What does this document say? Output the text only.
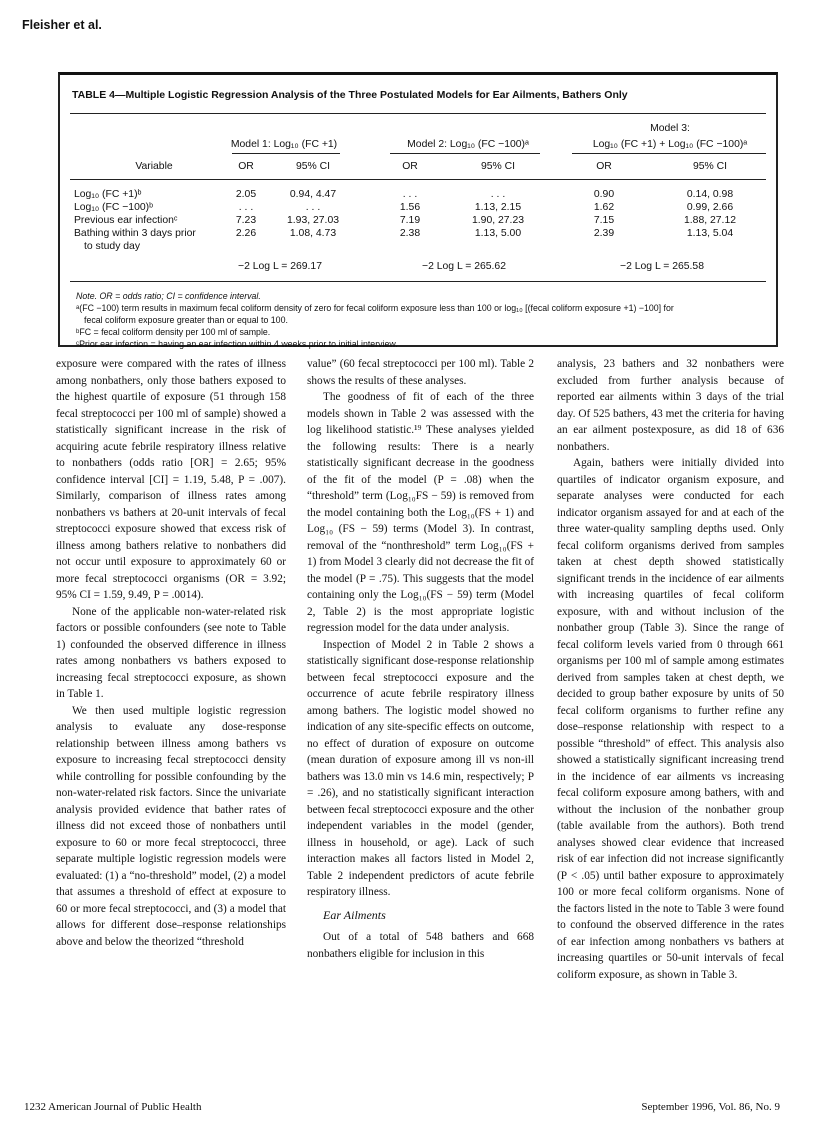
Fleisher et al.
TABLE 4—Multiple Logistic Regression Analysis of the Three Postulated Models for Ear Ailments, Bathers Only
Model 1: Log₁₀ (FC +1)	Model 2: Log₁₀ (FC −100)ᵃ
Model 3:
Log₁₀ (FC +1) + Log₁₀ (FC −100)ᵃ
Variable	OR	95% CI	OR	95% CI	OR	95% CI
Log₁₀ (FC +1)ᵇ	2.05	0.94, 4.47	. . .	. . .	0.90	0.14, 0.98
Log₁₀ (FC −100)ᵇ	. . .	. . .	1.56	1.13, 2.15	1.62	0.99, 2.66
Previous ear infectionᶜ	7.23	1.93, 27.03	7.19	1.90, 27.23	7.15	1.88, 27.12
Bathing within 3 days prior
to study day
2.26	1.08, 4.73	2.38	1.13, 5.00	2.39	1.13, 5.04
−2 Log L = 269.17	−2 Log L = 265.62	−2 Log L = 265.58

Note. OR = odds ratio; CI = confidence interval.

ᵃ(FC −100) term results in maximum fecal coliform density of zero for fecal coliform exposure less than 100 or log₁₀ [(fecal coliform exposure +1) −100] for

fecal coliform exposure greater than or equal to 100.

ᵇFC = fecal coliform density per 100 ml of sample.

ᶜPrior ear infection = having an ear infection within 4 weeks prior to initial interview.

exposure were compared with the rates of illness among nonbathers, only those bathers exposed to the highest quartile of exposure (51 through 158 fecal streptococci per 100 ml of sample) showed a statistically significant increase in the risk of acquiring acute febrile respiratory illness relative to nonbathers (odds ratio [OR] = 2.65; 95% confidence interval [CI] = 1.19, 5.48, P = .007). Similarly, comparison of illness rates among nonbathers vs bathers at 20-unit intervals of fecal streptococci exposure showed that excess risk of illness among bathers relative to nonbathers did not occur until exposure to approximately 60 or more fecal streptococci organisms (OR = 3.92; 95% CI = 1.59, 9.49, P = .0014).

None of the applicable non-water-related risk factors or possible confounders (see note to Table 1) confounded the observed difference in illness rates among nonbathers vs bathers exposed to increasing fecal streptococci exposure, as shown in Table 1.

We then used multiple logistic regression analysis to evaluate any dose-response relationship between illness among bathers vs exposure to increasing fecal streptococci density while controlling for possible confounding by the non-water-related risk factors. Since the univariate analysis provided evidence that bather rates of illness did not exceed those of nonbathers until exposure to 60 or more fecal streptococci, three separate multiple logistic regression models were evaluated: (1) a “no-threshold” model, (2) a model that assumes a threshold of effect at exposure to 60 or more fecal streptococci, and (3) a model that allows for different dose–response relationships above and below the theorized “threshold

value” (60 fecal streptococci per 100 ml). Table 2 shows the results of these analyses.

The goodness of fit of each of the three models shown in Table 2 was assessed with the log likelihood statistic.¹⁹ These analyses yielded the following results: There is a nearly statistically significant decrease in the goodness of the fit of the model (P = .08) when the “threshold” term (Log₁₀FS − 59) is removed from the model containing both the Log₁₀(FS + 1) and Log₁₀ (FS − 59) terms (Model 3). In contrast, removal of the “nonthreshold” term Log₁₀(FS + 1) from Model 3 clearly did not decrease the fit of the model (P = .75). This suggests that the model containing only the Log₁₀(FS − 59) term (Model 2, Table 2) is the most appropriate logistic regression model for the data under analysis.

Inspection of Model 2 in Table 2 shows a statistically significant dose-response relationship between fecal streptococci exposure and the occurrence of acute febrile respiratory illness among bathers. The logistic model showed no indication of any site-specific effects on outcome, no effect of duration of exposure on outcome (mean duration of exposure among ill vs non-ill bathers was 13.0 min vs 14.6 min, respectively; P = .26), and no statistically significant interaction between fecal streptococci exposure and the other independent variables in the model (gender, illness in household, or age). Lack of such interaction makes all factors listed in Model 2, Table 2 independent predictors of acute febrile respiratory illness.

Ear Ailments

Out of a total of 548 bathers and 668 nonbathers eligible for inclusion in this

analysis, 23 bathers and 32 nonbathers were excluded from further analysis because of reported ear ailments within 3 days of the trial day. Of 525 bathers, 43 met the criteria for having an ear ailment postexposure, as did 18 of 636 nonbathers.

Again, bathers were initially divided into quartiles of indicator organism exposure, and separate analyses were conducted for each indicator organism assayed for and at each of the three water-quality sampling depths used. Only fecal coliform organisms derived from samples taken at chest depth showed statistically significant trends in the incidence of ear ailments with increasing quartiles of fecal coliform exposure, with and without inclusion of the nonbather group (Table 3). Since the range of fecal coliform levels varied from 0 through 661 organisms per 100 ml of sample among estimates derived from samples taken at chest depth, we decided to group bather exposure by units of 50 fecal coliform organisms to further refine any dose–response relationship with respect to a possible “threshold” of effect. This analysis also showed a statistically significant increasing trend in the incidence of ear ailments vs increasing fecal coliform exposure among bathers, with and without the inclusion of the nonbather group (table available from the authors). Both trend analyses showed clear evidence that increased risk of ear infection did not increase significantly (P < .05) until bather exposure to approximately 100 or more fecal coliform organisms. None of the factors listed in the note to Table 3 were found to confound the observed difference in the rates of ear infection among nonbathers vs bathers at increasing quartiles or 50-unit intervals of fecal coliform exposure, as shown in Table 3.

1232 American Journal of Public Health	September 1996, Vol. 86, No. 9
